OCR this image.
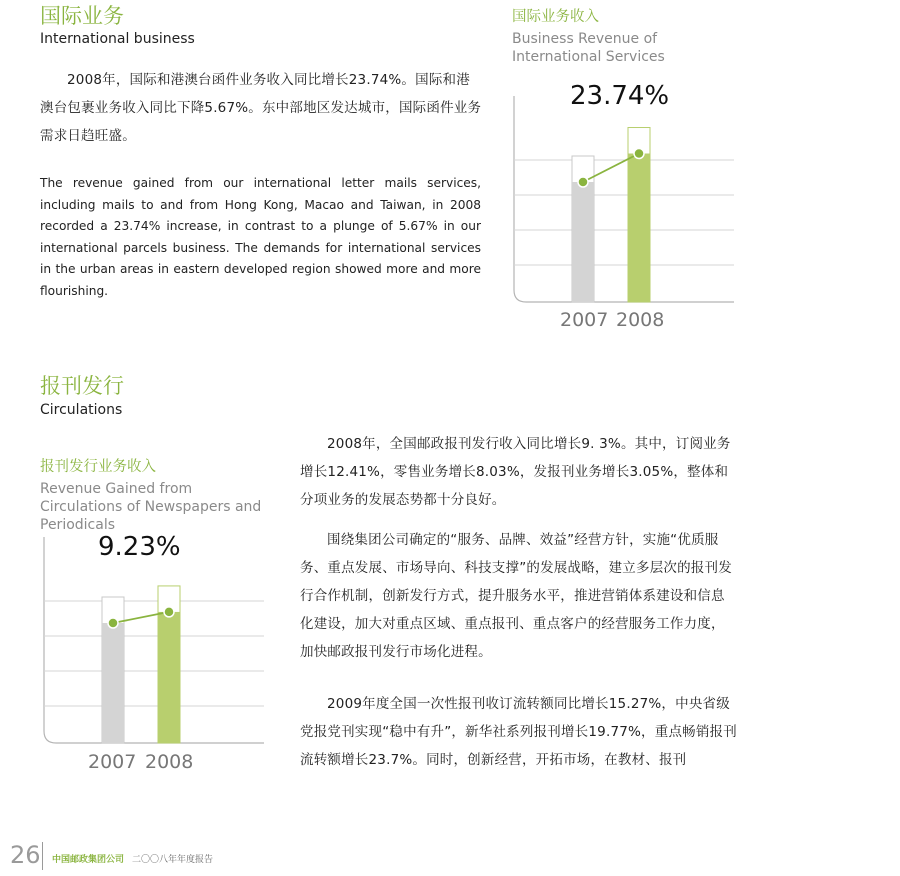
国际业务
International business

2008年，国际和港澳台函件业务收入同比增长23.74%。国际和港澳台包裹业务收入同比下降5.67%。东中部地区发达城市，国际函件业务需求日趋旺盛。

The revenue gained from our international letter mails services, including mails to and from Hong Kong, Macao and Taiwan, in 2008 recorded a 23.74% increase, in contrast to a plunge of 5.67% in our international parcels business. The demands for international services in the urban areas in eastern developed region showed more and more flourishing.

国际业务收入
Business Revenue of International Services
23.74%
2007 2008
报刊发行
Circulations
报刊发行业务收入
Revenue Gained from Circulations of Newspapers and Periodicals
9.23%
2007 2008

2008年，全国邮政报刊发行收入同比增长9. 3%。其中，订阅业务增长12.41%，零售业务增长8.03%，发报刊业务增长3.05%，整体和分项业务的发展态势都十分良好。

围绕集团公司确定的“服务、品牌、效益”经营方针，实施“优质服务、重点发展、市场导向、科技支撑”的发展战略，建立多层次的报刊发行合作机制，创新发行方式，提升服务水平，推进营销体系建设和信息化建设，加大对重点区域、重点报刊、重点客户的经营服务工作力度，加快邮政报刊发行市场化进程。

2009年度全国一次性报刊收订流转额同比增长15.27%，中央省级党报党刊实现“稳中有升”，新华社系列报刊增长19.77%，重点畅销报刊流转额增长23.7%。同时，创新经营，开拓市场，在教材、报刊

26 中国邮政集团公司 二〇〇八年年度报告
